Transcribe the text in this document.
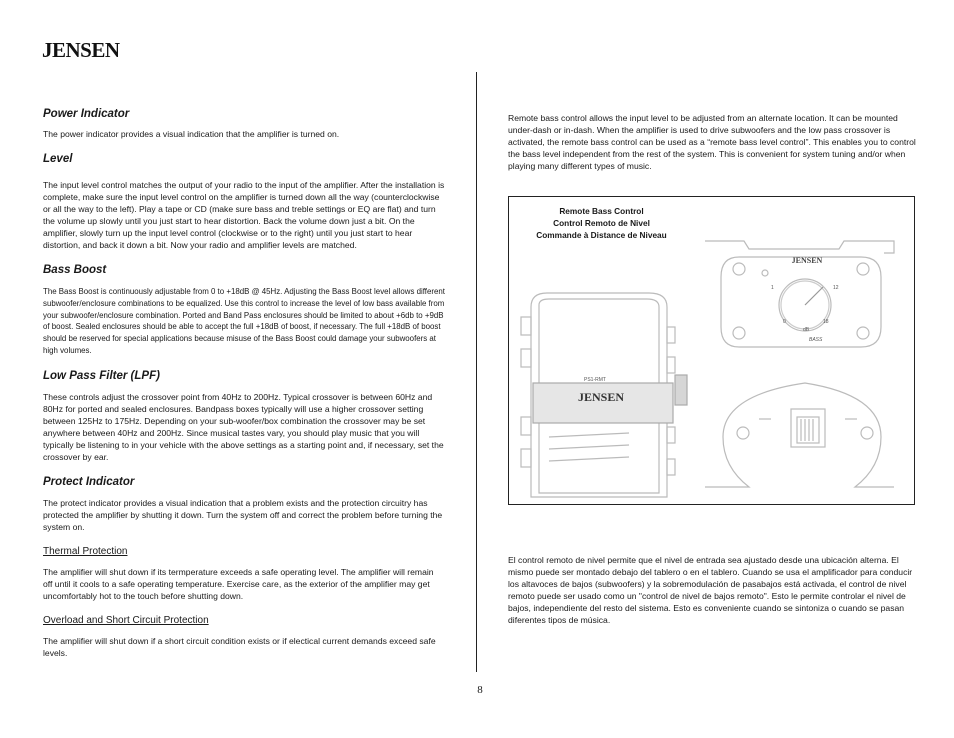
JENSEN
Power Indicator

The power indicator provides a visual indication that the amplifier is turned on.

Level

The input level control matches the output of your radio to the input of the amplifier. After the installation is complete, make sure the input level control on the amplifier is turned down all the way (counterclockwise or all the way to the left). Play a tape or CD (make sure bass and treble settings or EQ are flat) and turn the volume up slowly until you just start to hear distortion. Back the volume down just a bit. On the amplifier, slowly turn up the input level control (clockwise or to the right) until you just start to hear distortion, and back it down a bit. Now your radio and amplifier levels are matched.

Bass Boost

The Bass Boost is continuously adjustable from 0 to +18dB @ 45Hz. Adjusting the Bass Boost level allows different subwoofer/enclosure combinations to be equalized. Use this control to increase the level of low bass available from your subwoofer/enclosure combination. Ported and Band Pass enclosures should be limited to about +6db to +9dB of boost. Sealed enclosures should be able to accept the full +18dB of boost, if necessary. The full +18dB of boost should be reserved for special applications because misuse of the Bass Boost could damage your subwoofers at high volumes.

Low Pass Filter (LPF)

These controls adjust the crossover point from 40Hz to 200Hz. Typical crossover is between 60Hz and 80Hz for ported and sealed enclosures. Bandpass boxes typically will use a higher crossover setting between 125Hz to 175Hz. Depending on your sub-woofer/box combination the crossover may be set anywhere between 40Hz and 200Hz. Since musical tastes vary, you should play music that you will typically be listening to in your vehicle with the above settings as a starting point and, if necessary, set the crossover by ear.

Protect Indicator

The protect indicator provides a visual indication that a problem exists and the protection circuitry has protected the amplifier by shutting it down. Turn the system off and correct the problem before turning the system on.

Thermal Protection

The amplifier will shut down if its termperature exceeds a safe operating level. The amplifier will remain off until it cools to a safe operating temperature. Exercise care, as the exterior of the amplifier may get uncomfortably hot to the touch before shutting down.

Overload and Short Circuit Protection

The amplifier will shut down if a short circuit condition exists or if electical current demands exceed safe levels.

Remote bass control allows the input level to be adjusted from an alternate location. It can be mounted under-dash or in-dash. When the amplifier is used to drive subwoofers and the low pass crossover is activated, the remote bass control can be used as a “remote bass level control”. This enables you to control the bass level independent from the rest of the system. This is convenient for system tuning and/or when playing many different types of music.
Remote Bass Control
Control Remoto de Nivel
Commande à Distance de Niveau
PS1-RMT
JENSEN
JENSEN
1	12
0	18
dB
BASS
El control remoto de nivel permite que el nivel de entrada sea ajustado desde una ubicación alterna. El mismo puede ser montado debajo del tablero o en el tablero. Cuando se usa el amplificador para conducir los altavoces de bajos (subwoofers) y la sobremodulación de pasabajos está activada, el control de nivel remoto puede ser usado como un "control de nivel de bajos remoto". Esto le permite controlar el nivel de bajos, independiente del resto del sistema. Esto es conveniente cuando se sintoniza o cuando se pasan diferentes tipos de música.
8
